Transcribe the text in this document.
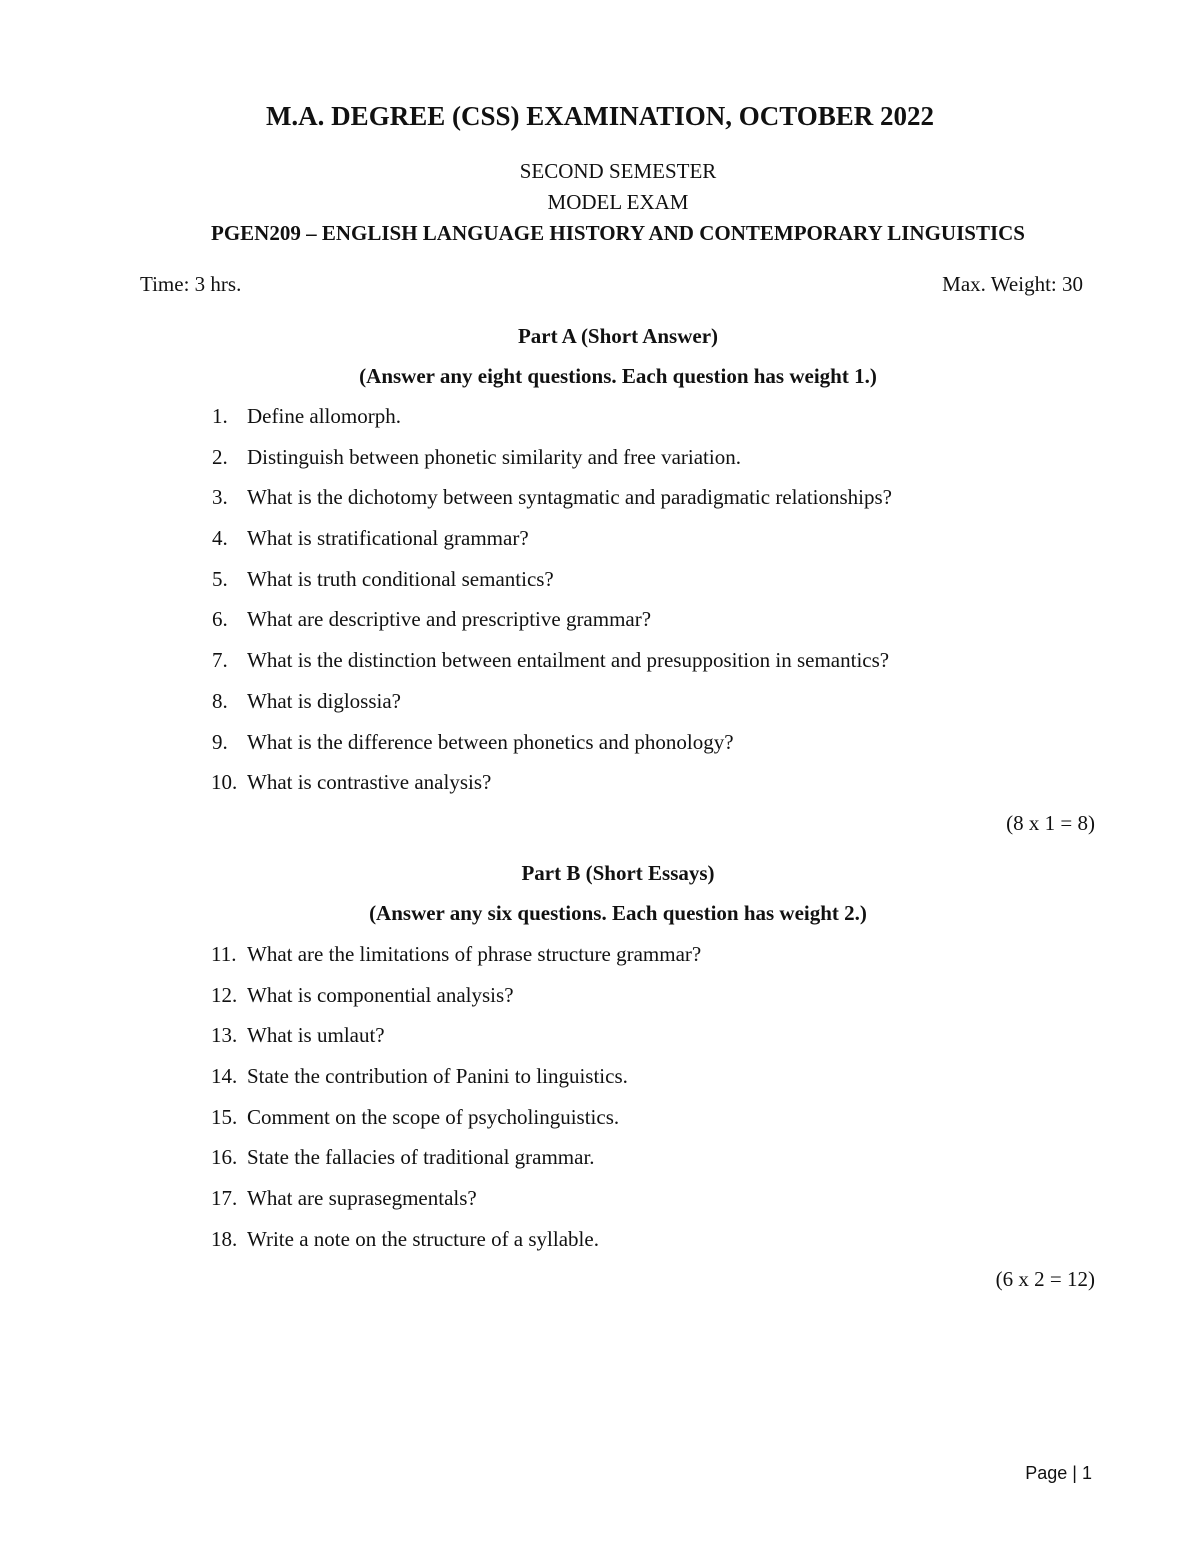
M.A. DEGREE (CSS) EXAMINATION, OCTOBER 2022
SECOND SEMESTER
MODEL EXAM
PGEN209 – ENGLISH LANGUAGE HISTORY AND CONTEMPORARY LINGUISTICS
Time: 3 hrs.	Max. Weight: 30
Part A (Short Answer)
(Answer any eight questions. Each question has weight 1.)
1. Define allomorph.
2. Distinguish between phonetic similarity and free variation.
3. What is the dichotomy between syntagmatic and paradigmatic relationships?
4. What is stratificational grammar?
5. What is truth conditional semantics?
6. What are descriptive and prescriptive grammar?
7. What is the distinction between entailment and presupposition in semantics?
8. What is diglossia?
9. What is the difference between phonetics and phonology?
10. What is contrastive analysis?
(8 x 1 = 8)
Part B (Short Essays)
(Answer any six questions. Each question has weight 2.)
11. What are the limitations of phrase structure grammar?
12. What is componential analysis?
13. What is umlaut?
14. State the contribution of Panini to linguistics.
15. Comment on the scope of psycholinguistics.
16. State the fallacies of traditional grammar.
17. What are suprasegmentals?
18. Write a note on the structure of a syllable.
(6 x 2 = 12)
Page | 1
